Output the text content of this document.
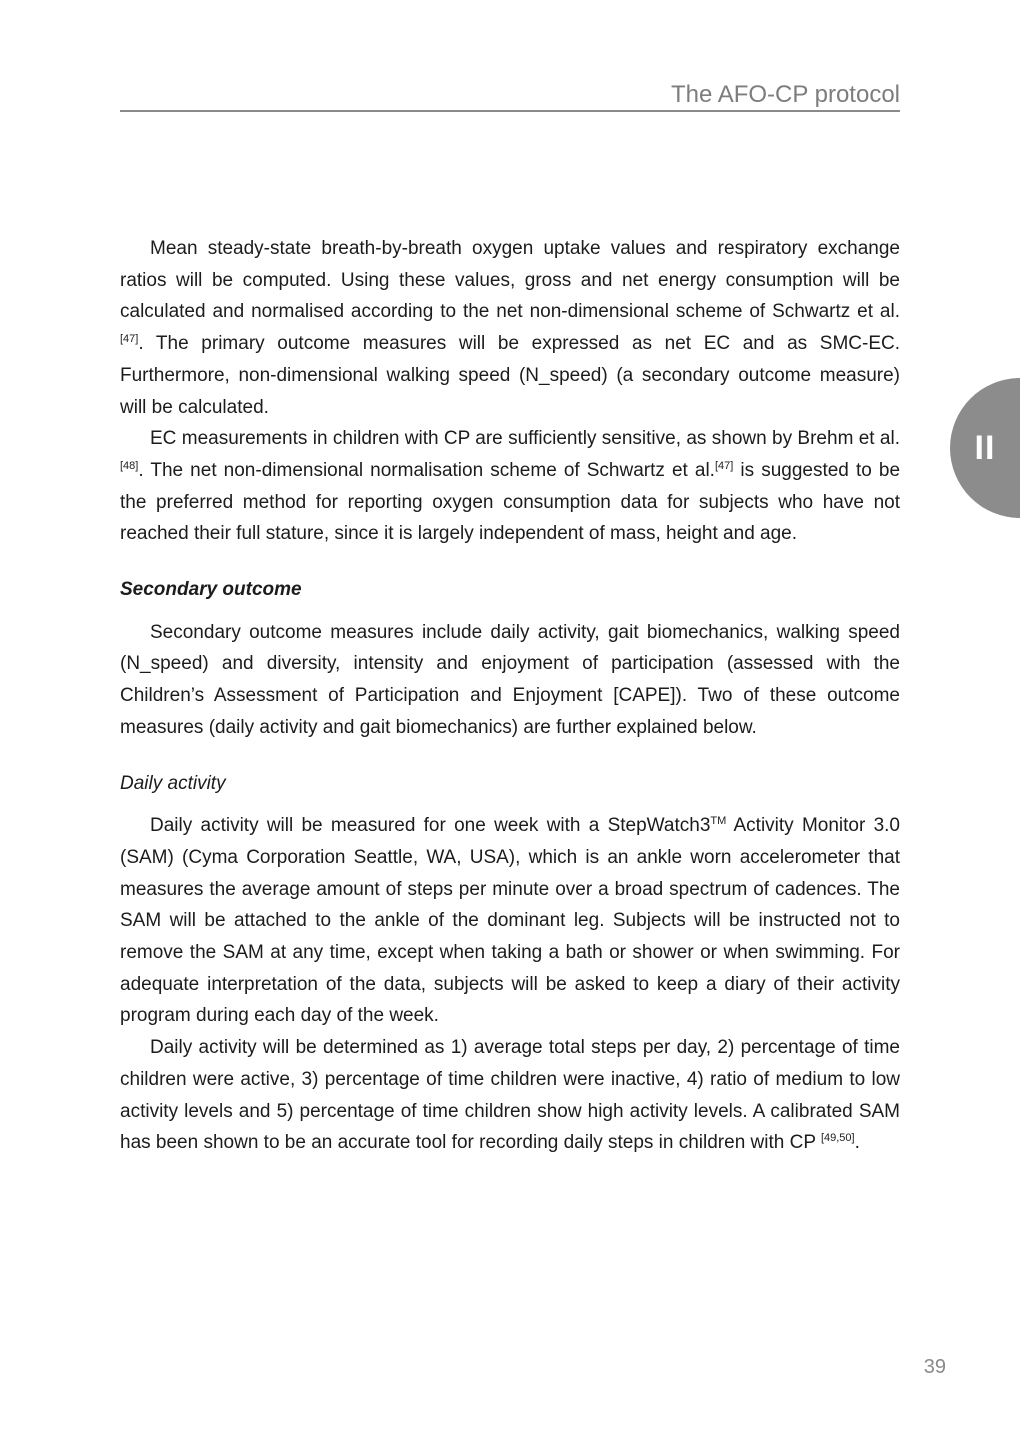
The AFO-CP protocol
II

Mean steady-state breath-by-breath oxygen uptake values and respiratory exchange ratios will be computed. Using these values, gross and net energy consumption will be calculated and normalised according to the net non-dimensional scheme of Schwartz et al.[47]. The primary outcome measures will be expressed as net EC and as SMC-EC. Furthermore, non-dimensional walking speed (N_speed) (a secondary outcome measure) will be calculated.

EC measurements in children with CP are sufficiently sensitive, as shown by Brehm et al.[48]. The net non-dimensional normalisation scheme of Schwartz et al.[47] is suggested to be the preferred method for reporting oxygen consumption data for subjects who have not reached their full stature, since it is largely independent of mass, height and age.

Secondary outcome

Secondary outcome measures include daily activity, gait biomechanics, walking speed (N_speed) and diversity, intensity and enjoyment of participation (assessed with the Children’s Assessment of Participation and Enjoyment [CAPE]). Two of these outcome measures (daily activity and gait biomechanics) are further explained below.

Daily activity

Daily activity will be measured for one week with a StepWatch3™ Activity Monitor 3.0 (SAM) (Cyma Corporation Seattle, WA, USA), which is an ankle worn accelerometer that measures the average amount of steps per minute over a broad spectrum of cadences. The SAM will be attached to the ankle of the dominant leg. Subjects will be instructed not to remove the SAM at any time, except when taking a bath or shower or when swimming. For adequate interpretation of the data, subjects will be asked to keep a diary of their activity program during each day of the week.

Daily activity will be determined as 1) average total steps per day, 2) percentage of time children were active, 3) percentage of time children were inactive, 4) ratio of medium to low activity levels and 5) percentage of time children show high activity levels. A calibrated SAM has been shown to be an accurate tool for recording daily steps in children with CP [49,50].

39
